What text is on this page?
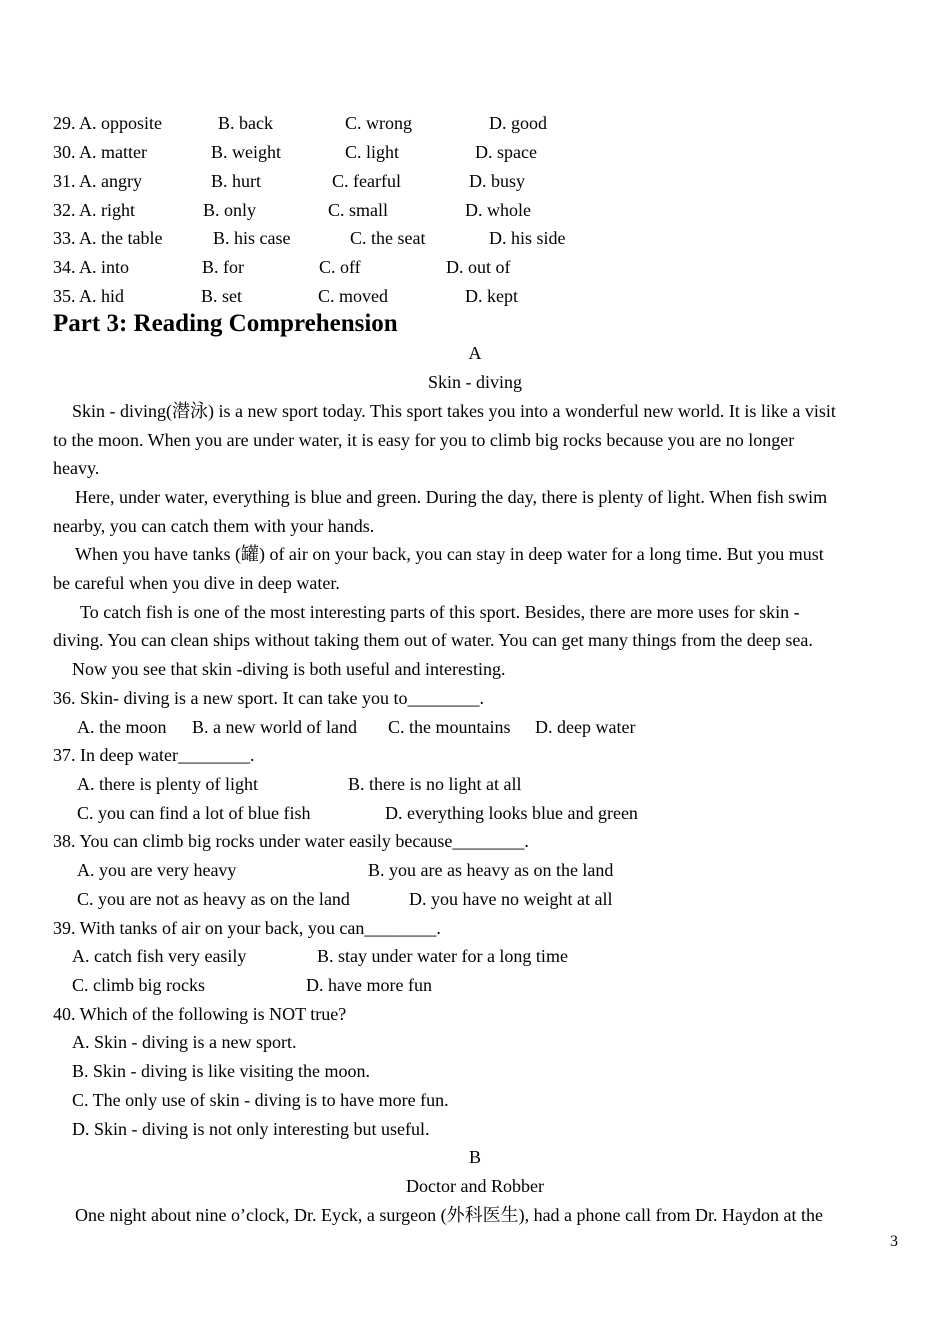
29. A. opposite	B. back	C. wrong	D. good
30. A. matter	B. weight	C. light	D. space
31. A. angry	B. hurt	C. fearful	D. busy
32. A. right	B. only	C. small	D. whole
33. A. the table	B. his case	C. the seat	D. his side
34. A. into	B. for	C. off	D. out of
35. A. hid	B. set	C. moved	D. kept
Part 3: Reading Comprehension
A
Skin - diving
Skin - diving(潜泳) is a new sport today. This sport takes you into a wonderful new world. It is like a visit
to the moon. When you are under water, it is easy for you to climb big rocks because you are no longer
heavy.
Here, under water, everything is blue and green. During the day, there is plenty of light. When fish swim
nearby, you can catch them with your hands.
When you have tanks (罐) of air on your back, you can stay in deep water for a long time. But you must
be careful when you dive in deep water.
To catch fish is one of the most interesting parts of this sport. Besides, there are more uses for skin -
diving. You can clean ships without taking them out of water. You can get many things from the deep sea.
Now you see that skin -diving is both useful and interesting.
36. Skin- diving is a new sport. It can take you to________.
A. the moon B. a new world of land C. the mountains D. deep water
37. In deep water________.
A. there is plenty of light	B. there is no light at all
C. you can find a lot of blue fish	D. everything looks blue and green
38. You can climb big rocks under water easily because________.
A. you are very heavy	B. you are as heavy as on the land
C. you are not as heavy as on the land	D. you have no weight at all
39. With tanks of air on your back, you can________.
A. catch fish very easily	B. stay under water for a long time
C. climb big rocks	D. have more fun
40. Which of the following is NOT true?
A. Skin - diving is a new sport.
B. Skin - diving is like visiting the moon.
C. The only use of skin - diving is to have more fun.
D. Skin - diving is not only interesting but useful.
B
Doctor and Robber
One night about nine o’clock, Dr. Eyck, a surgeon (外科医生), had a phone call from Dr. Haydon at the
3
